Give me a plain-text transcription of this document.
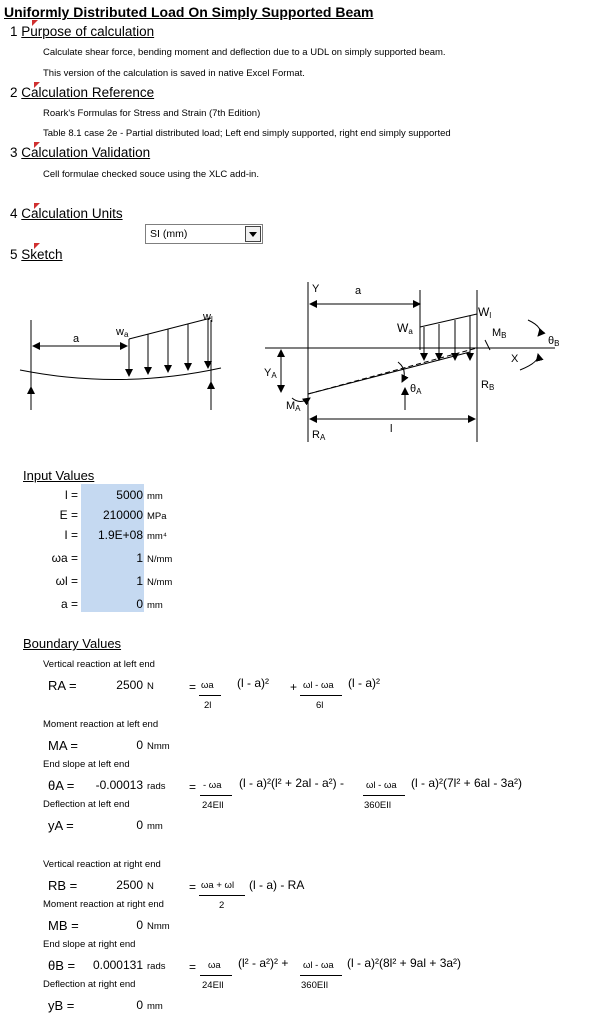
Uniformly Distributed Load On Simply Supported Beam
1 Purpose of calculation
Calculate shear force, bending moment and deflection due to a UDL on simply supported beam.
This version of the calculation is saved in native Excel Format.
2 Calculation Reference
Roark's Formulas for Stress and Strain (7th Edition)
Table 8.1 case 2e - Partial distributed load; Left end simply supported, right end simply supported
3 Calculation Validation
Cell formulae checked souce using the XLC add-in.
4 Calculation Units
SI (mm)
5 Sketch
a
wa
wl
Y	a
Wa
Wl
MB	θB
X
YA
θA
RB
MA
l
RA
Input Values
l =	5000 mm
E =	210000 MPa
I =	1.9E+08 mm⁴
ωa =	1 N/mm
ωl =	1 N/mm
a =	0 mm
Boundary Values
Vertical reaction at left end
RA =	2500 N	= ωa
2l
(l - a)² + ωl - ωa
6l
(l - a)²
Moment reaction at left end
MA =	0 Nmm
End slope at left end
θA =	-0.00013 rads = - ωa
24EIl
(l - a)²(l² + 2al - a²) - ωl - ωa
360EIl
(l - a)²(7l² + 6al - 3a²)
Deflection at left end
yA =	0 mm
Vertical reaction at right end
RB =	2500 N	= ωa + ωl
2
(l - a) - RA
Moment reaction at right end
MB =	0 Nmm
End slope at right end
θB =	0.000131 rads = ωa
24EIl
(l² - a²)² + ωl - ωa
360EIl
(l - a)²(8l² + 9al + 3a²)
Deflection at right end
yB =	0 mm
